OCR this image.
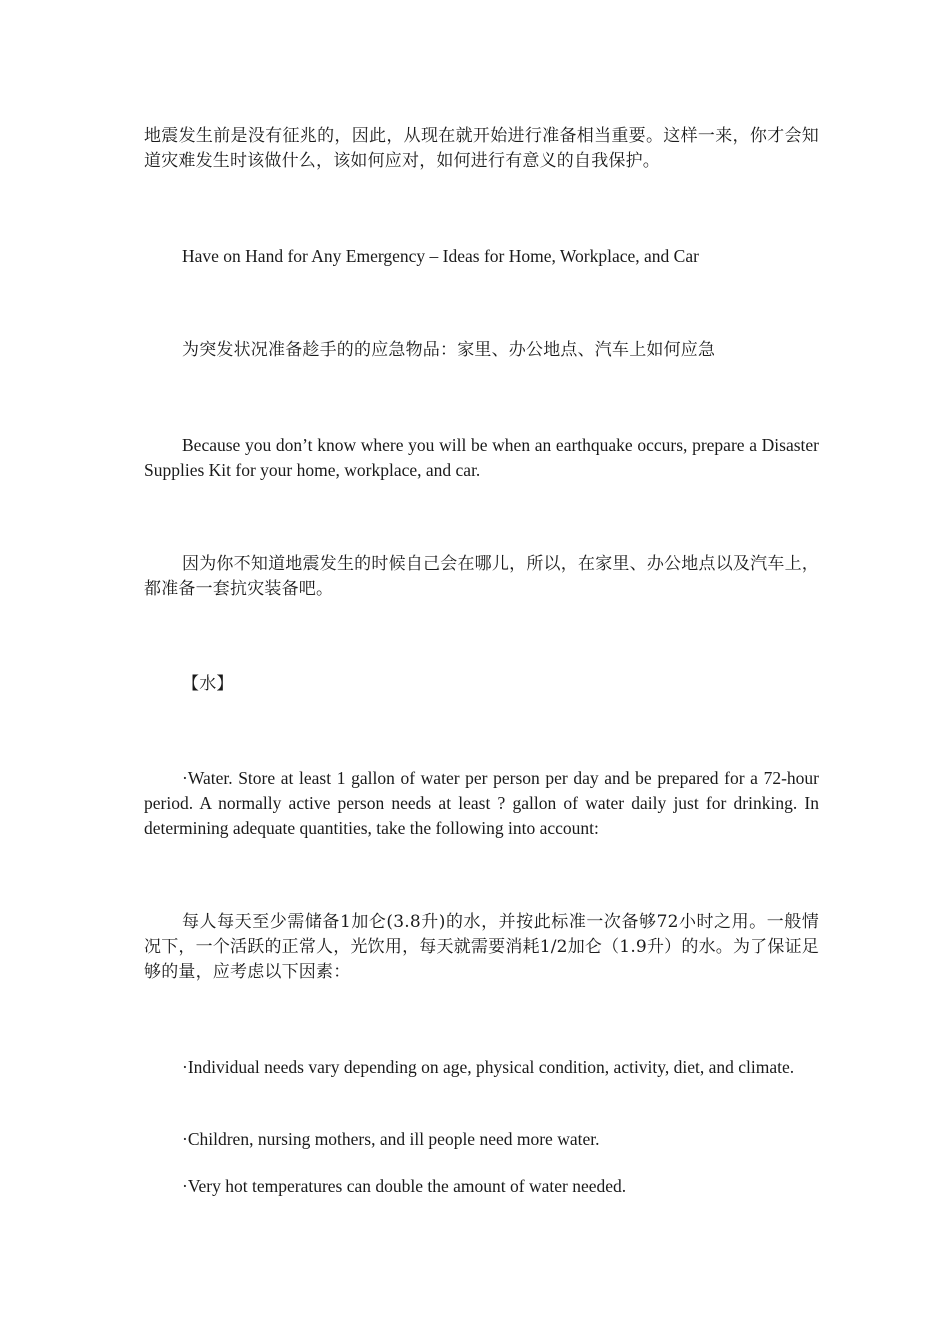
地震发生前是没有征兆的，因此，从现在就开始进行准备相当重要。这样一来，你才会知道灾难发生时该做什么，该如何应对，如何进行有意义的自我保护。

Have on Hand for Any Emergency – Ideas for Home, Workplace, and Car

为突发状况准备趁手的的应急物品：家里、办公地点、汽车上如何应急

Because you don’t know where you will be when an earthquake occurs, prepare a Disaster Supplies Kit for your home, workplace, and car.

因为你不知道地震发生的时候自己会在哪儿，所以，在家里、办公地点以及汽车上，都准备一套抗灾装备吧。

【水】

·Water. Store at least 1 gallon of water per person per day and be prepared for a 72-hour period. A normally active person needs at least ? gallon of water daily just for drinking. In determining adequate quantities, take the following into account:

每人每天至少需储备1加仑(3.8升)的水，并按此标准一次备够72小时之用。一般情况下，一个活跃的正常人，光饮用，每天就需要消耗1/2加仑（1.9升）的水。为了保证足够的量，应考虑以下因素：

·Individual needs vary depending on age, physical condition, activity, diet, and climate.

·Children, nursing mothers, and ill people need more water.

·Very hot temperatures can double the amount of water needed.
